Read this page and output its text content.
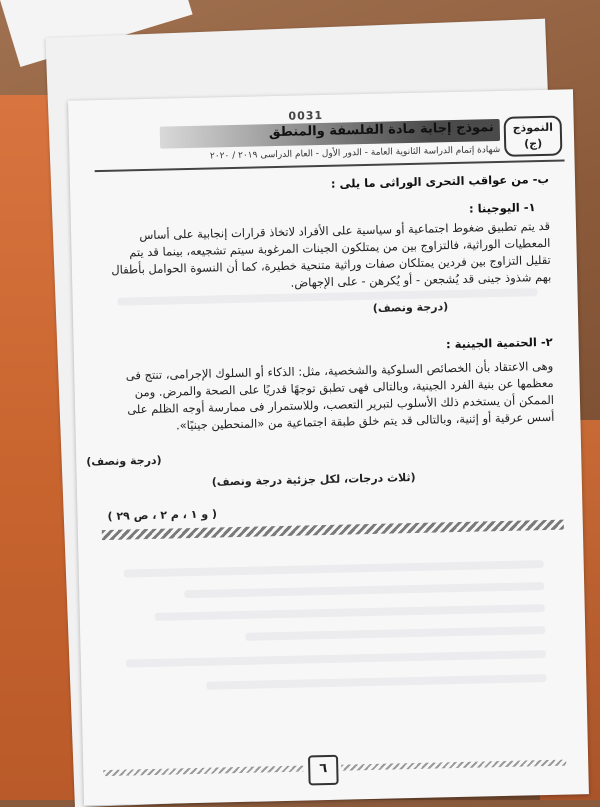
0031
نموذج إجابة مادة الفلسفة والمنطق	النموذج
(ج)
شهادة إتمام الدراسة الثانوية العامة - الدور الأول - العام الدراسى ٢٠١٩ / ٢٠٢٠
ب- من عواقب التحرى الوراثى ما يلى :
١- اليوجينا :
قد يتم تطبيق ضغوط اجتماعية أو سياسية على الأفراد لاتخاذ قرارات إنجابية على أساس المعطيات الوراثية، فالتزاوج بين من يمتلكون الجينات المرغوبة سيتم تشجيعه، بينما قد يتم تقليل التزاوج بين فردين يمتلكان صفات وراثية متنحية خطيرة، كما أن النسوة الحوامل بأطفال بهم شذوذ جينى قد يُشجعن - أو يُكرهن - على الإجهاض.
(درجة ونصف)
٢- الحتمية الجينية :
وهى الاعتقاد بأن الخصائص السلوكية والشخصية، مثل: الذكاء أو السلوك الإجرامى، تنتج فى معظمها عن بنية الفرد الجينية، وبالتالى فهى تطبق توجهًا قدريًا على الصحة والمرض. ومن الممكن أن يستخدم ذلك الأسلوب لتبرير التعصب، وللاستمرار فى ممارسة أوجه الظلم على أسس عرقية أو إثنية، وبالتالى قد يتم خلق طبقة اجتماعية من «المنحطين جينيًا».
(درجة ونصف)
(ثلاث درجات، لكل جزئية درجة ونصف)
( و ١ ، م ٢ ، ص ٢٩ )
٦
